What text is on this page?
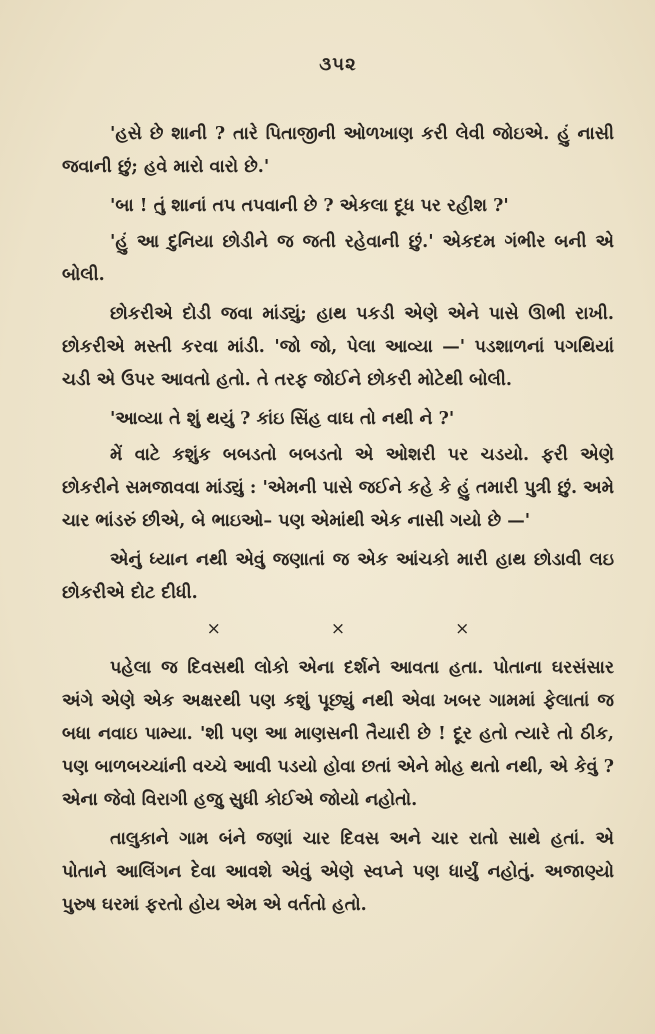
૩૫૨

'હસે છે શાની ? તારે પિતાજીની ઓળખાણ કરી લેવી જોઇએ. હું નાસી જવાની છું; હવે મારો વારો છે.'

'બા ! તું શાનાં તપ તપવાની છે ? એકલા દૂધ પર રહીશ ?'

'હું આ દુનિયા છોડીને જ જતી રહેવાની છું.' એકદમ ગંભીર બની એ બોલી.

છોકરીએ દોડી જવા માંડ્યું; હાથ પકડી એણે એને પાસે ઊભી રાખી. છોકરીએ મસ્તી કરવા માંડી. 'જો જો, પેલા આવ્યા —' પડશાળનાં પગથિયાં ચડી એ ઉપર આવતો હતો. તે તરફ જોઈને છોકરી મોટેથી બોલી.

'આવ્યા તે શું થયું ? કાંઇ સિંહ વાઘ તો નથી ને ?'

મેં વાટે કશુંક બબડતો બબડતો એ ઓશરી પર ચડયો. ફરી એણે છોકરીને સમજાવવા માંડ્યું : 'એમની પાસે જઈને કહે કે હું તમારી પુત્રી છું. અમે ચાર ભાંડરું છીએ, બે ભાઇઓ– પણ એમાંથી એક નાસી ગયો છે —'

એનું ધ્યાન નથી એવું જણાતાં જ એક આંચકો મારી હાથ છોડાવી લઇ છોકરીએ દોટ દીધી.

×	×	×

પહેલા જ દિવસથી લોકો એના દર્શને આવતા હતા. પોતાના ઘરસંસાર અંગે એણે એક અક્ષરથી પણ કશું પૂછ્યું નથી એવા ખબર ગામમાં ફેલાતાં જ બધા નવાઇ પામ્યા. 'શી પણ આ માણસની તૈયારી છે ! દૂર હતો ત્યારે તો ઠીક, પણ બાળબચ્ચાંની વચ્ચે આવી પડયો હોવા છતાં એને મોહ થતો નથી, એ કેવું ? એના જેવો વિરાગી હજુ સુધી કોઈએ જોયો નહોતો.

તાલુકાને ગામ બંને જણાં ચાર દિવસ અને ચાર રાતો સાથે હતાં. એ પોતાને આલિંગન દેવા આવશે એવું એણે સ્વપ્ને પણ ધાર્યું નહોતું. અજાણ્યો પુરુષ ઘરમાં ફરતો હોય એમ એ વર્તતો હતો.
